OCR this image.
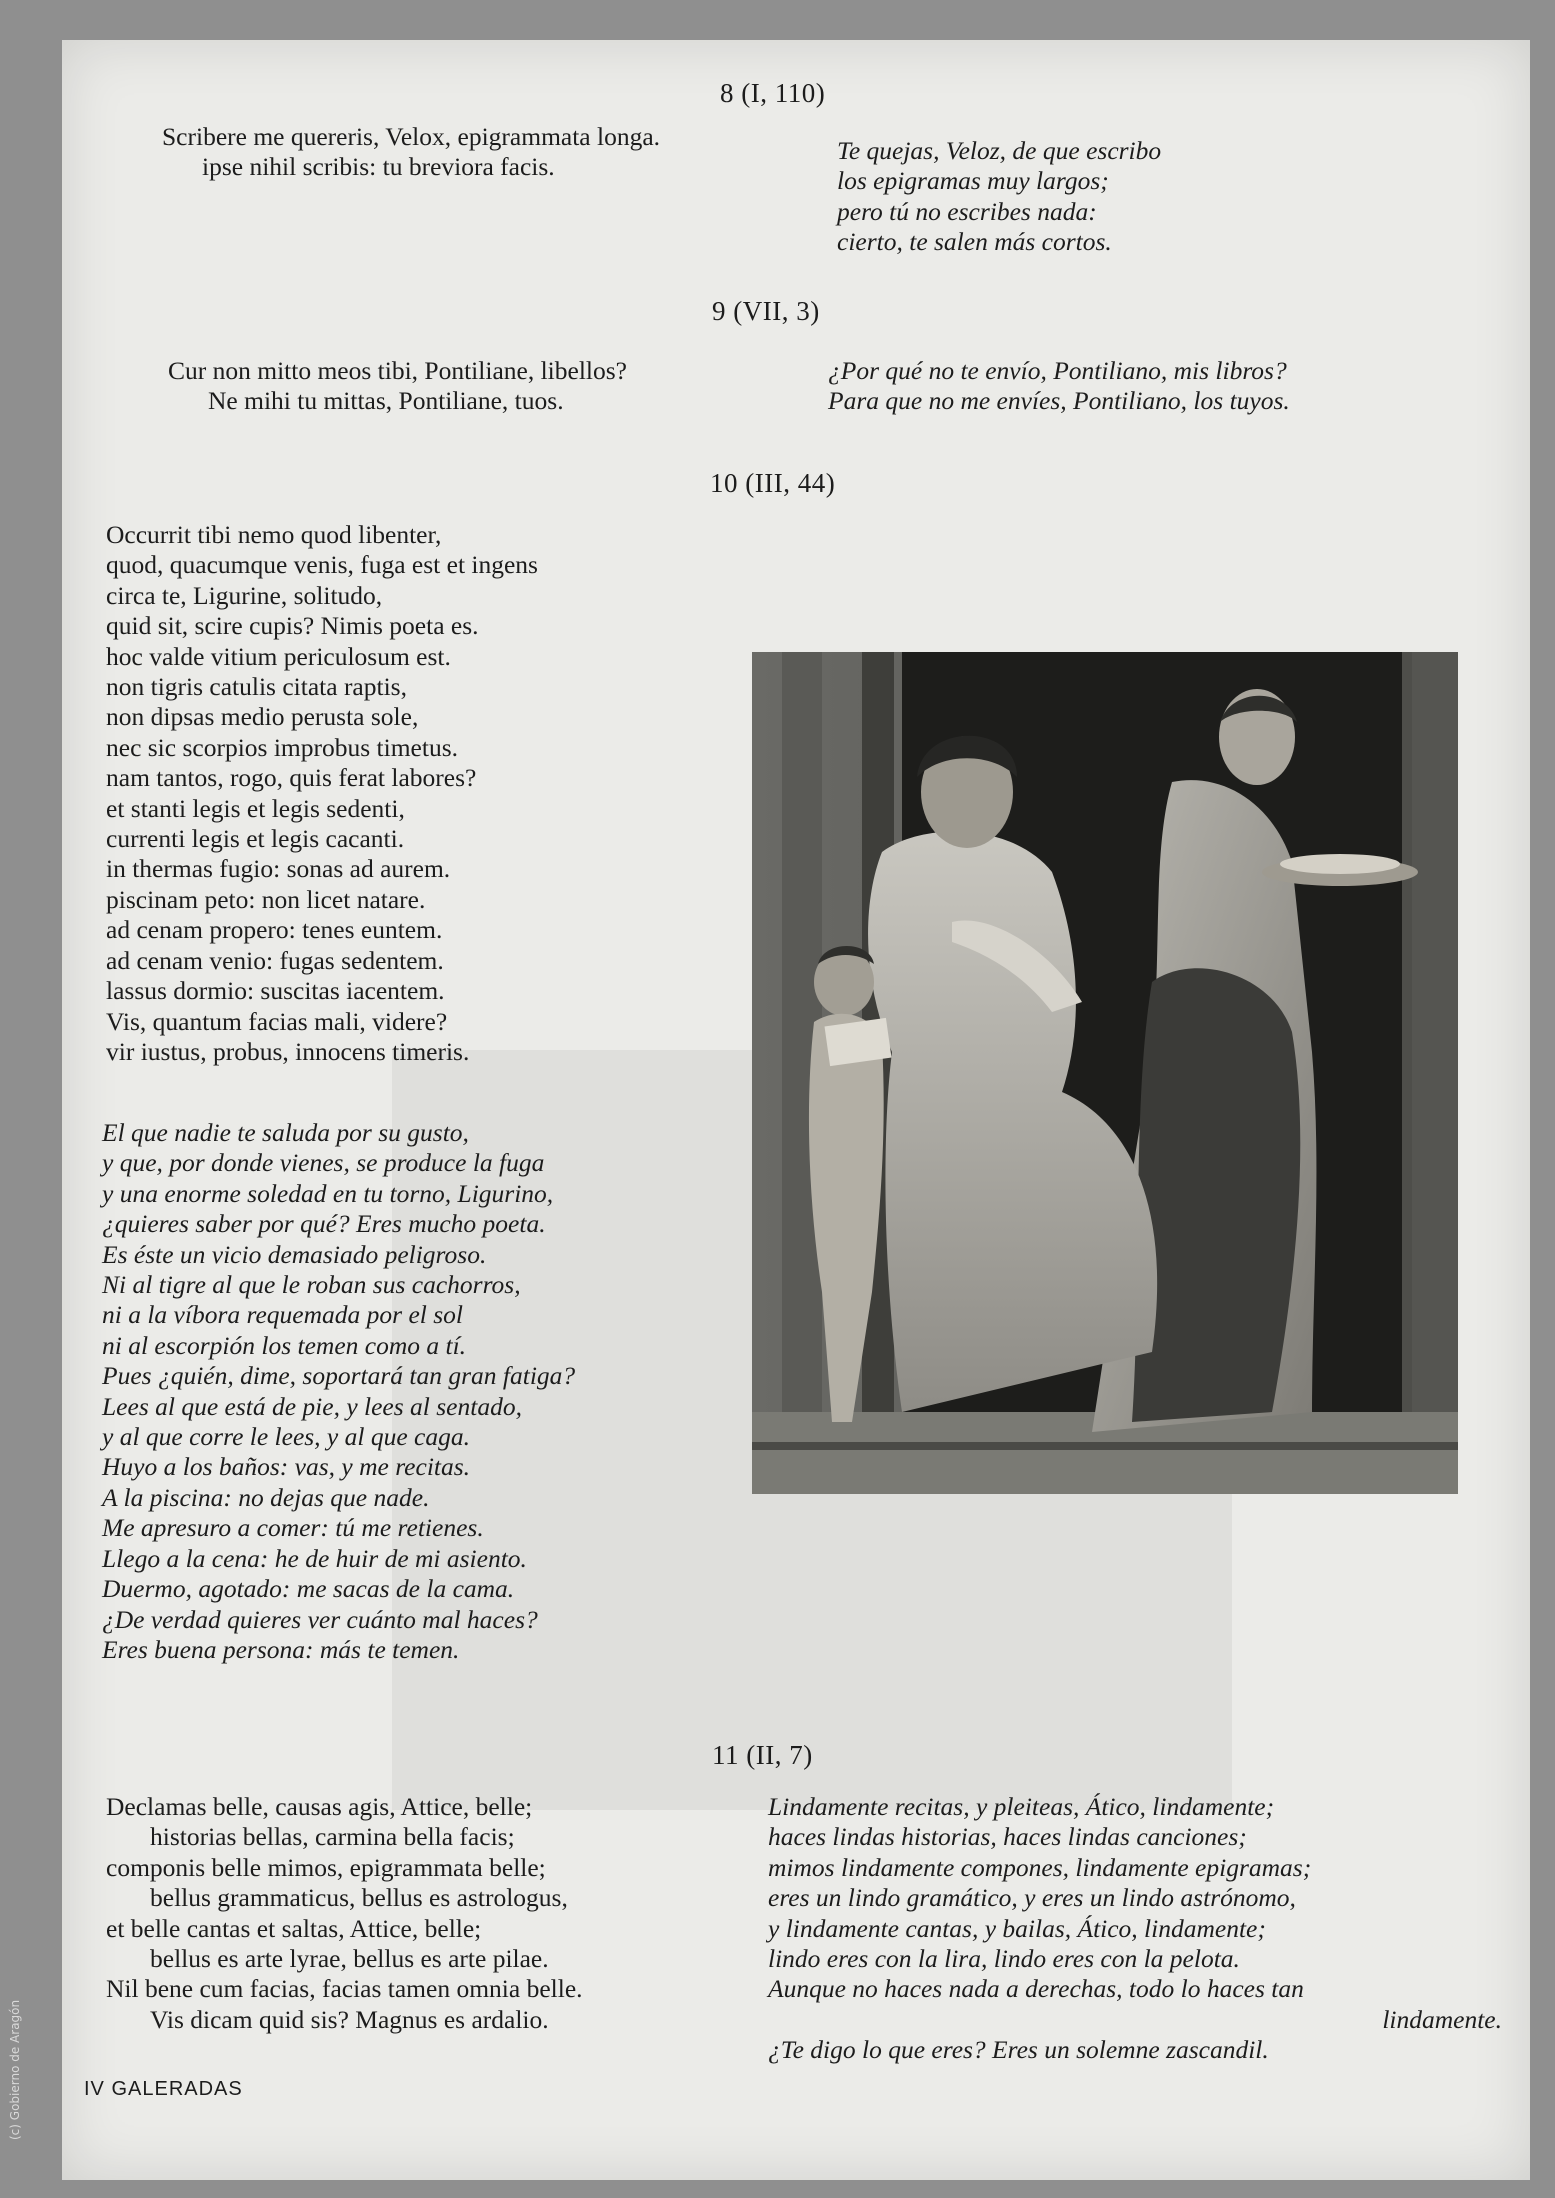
8 (I, 110)
Scribere me quereris, Velox, epigrammata longa.
ipse nihil scribis: tu breviora facis.
Te quejas, Veloz, de que escribo
los epigramas muy largos;
pero tú no escribes nada:
cierto, te salen más cortos.
9 (VII, 3)
Cur non mitto meos tibi, Pontiliane, libellos?
Ne mihi tu mittas, Pontiliane, tuos.
¿Por qué no te envío, Pontiliano, mis libros?
Para que no me envíes, Pontiliano, los tuyos.
10 (III, 44)
Occurrit tibi nemo quod libenter,
quod, quacumque venis, fuga est et ingens
circa te, Ligurine, solitudo,
quid sit, scire cupis? Nimis poeta es.
hoc valde vitium periculosum est.
non tigris catulis citata raptis,
non dipsas medio perusta sole,
nec sic scorpios improbus timetus.
nam tantos, rogo, quis ferat labores?
et stanti legis et legis sedenti,
currenti legis et legis cacanti.
in thermas fugio: sonas ad aurem.
piscinam peto: non licet natare.
ad cenam propero: tenes euntem.
ad cenam venio: fugas sedentem.
lassus dormio: suscitas iacentem.
Vis, quantum facias mali, videre?
vir iustus, probus, innocens timeris.
El que nadie te saluda por su gusto,
y que, por donde vienes, se produce la fuga
y una enorme soledad en tu torno, Ligurino,
¿quieres saber por qué? Eres mucho poeta.
Es éste un vicio demasiado peligroso.
Ni al tigre al que le roban sus cachorros,
ni a la víbora requemada por el sol
ni al escorpión los temen como a tí.
Pues ¿quién, dime, soportará tan gran fatiga?
Lees al que está de pie, y lees al sentado,
y al que corre le lees, y al que caga.
Huyo a los baños: vas, y me recitas.
A la piscina: no dejas que nade.
Me apresuro a comer: tú me retienes.
Llego a la cena: he de huir de mi asiento.
Duermo, agotado: me sacas de la cama.
¿De verdad quieres ver cuánto mal haces?
Eres buena persona: más te temen.
11 (II, 7)
Declamas belle, causas agis, Attice, belle;
historias bellas, carmina bella facis;
componis belle mimos, epigrammata belle;
bellus grammaticus, bellus es astrologus,
et belle cantas et saltas, Attice, belle;
bellus es arte lyrae, bellus es arte pilae.
Nil bene cum facias, facias tamen omnia belle.
Vis dicam quid sis? Magnus es ardalio.
Lindamente recitas, y pleiteas, Ático, lindamente;
haces lindas historias, haces lindas canciones;
mimos lindamente compones, lindamente epigramas;
eres un lindo gramático, y eres un lindo astrónomo,
y lindamente cantas, y bailas, Ático, lindamente;
lindo eres con la lira, lindo eres con la pelota.
Aunque no haces nada a derechas, todo lo haces tan
lindamente.
¿Te digo lo que eres? Eres un solemne zascandil.
IV GALERADAS
(c) Gobierno de Aragón
